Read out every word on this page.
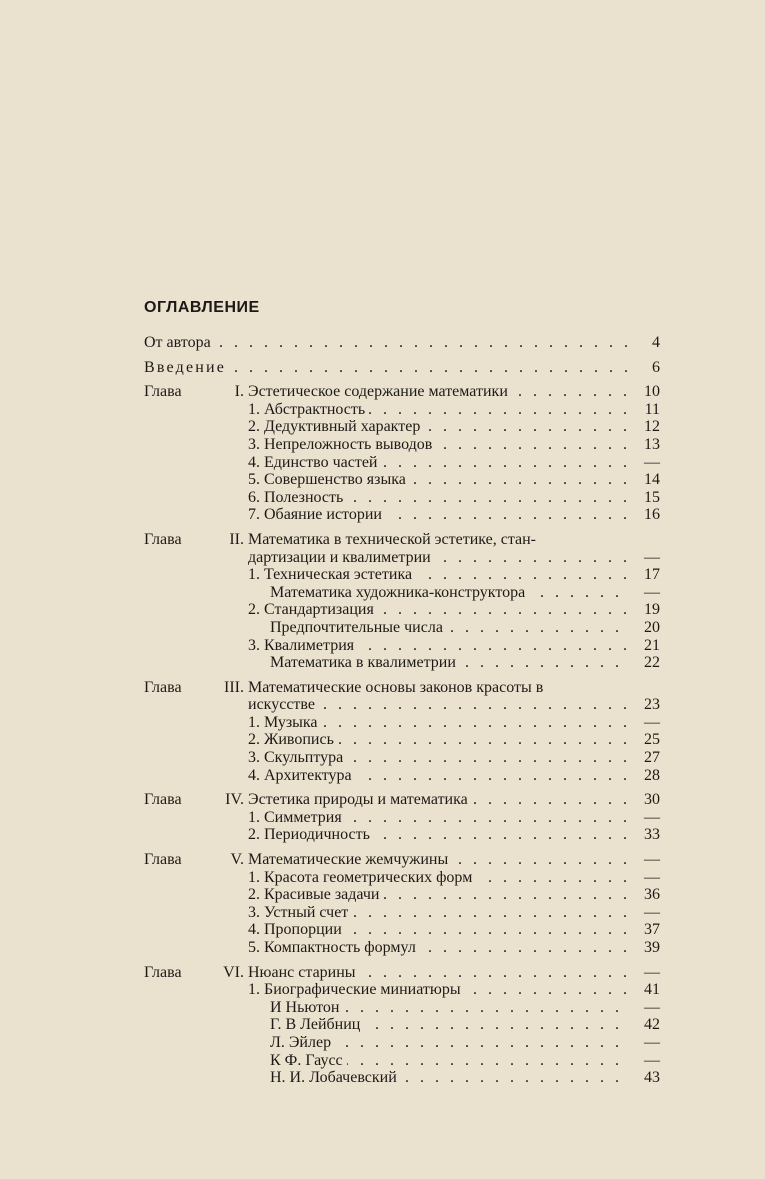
ОГЛАВЛЕНИЕ
От автора . . .	4
Введение . . .	6
Глава	I. Эстетическое содержание математики . . .	10
1. Абстрактность . . .	11
2. Дедуктивный характер . . .	12
3. Непреложность выводов . . .	13
4. Единство частей . . .	—
5. Совершенство языка . . .	14
6. Полезность . . .	15
7. Обаяние истории . . .	16
Глава	II. Математика в технической эстетике, стан-
дартизации и квалиметрии . . .	—
1. Техническая эстетика . . .	17
Математика художника-конструктора . . .	—
2. Стандартизация . . .	19
Предпочтительные числа . . .	20
3. Квалиметрия . . .	21
Математика в квалиметрии . . .	22
Глава	III. Математические основы законов красоты в
искусстве . . .	23
1. Музыка . . .	—
2. Живопись . . .	25
3. Скульптура . . .	27
4. Архитектура . . .	28
Глава	IV. Эстетика природы и математика . . .	30
1. Симметрия . . .	—
2. Периодичность . . .	33
Глава	V. Математические жемчужины . . .	—
1. Красота геометрических форм . . .	—
2. Красивые задачи . . .	36
3. Устный счет . . .	—
4. Пропорции . . .	37
5. Компактность формул . . .	39
Глава	VI. Нюанс старины . . .	—
1. Биографические миниатюры . . .	41
И Ньютон . . .	—
Г. В Лейбниц . . .	42
Л. Эйлер . . .	—
К Ф. Гаусс . . .	—
Н. И. Лобачевский . . .	43
